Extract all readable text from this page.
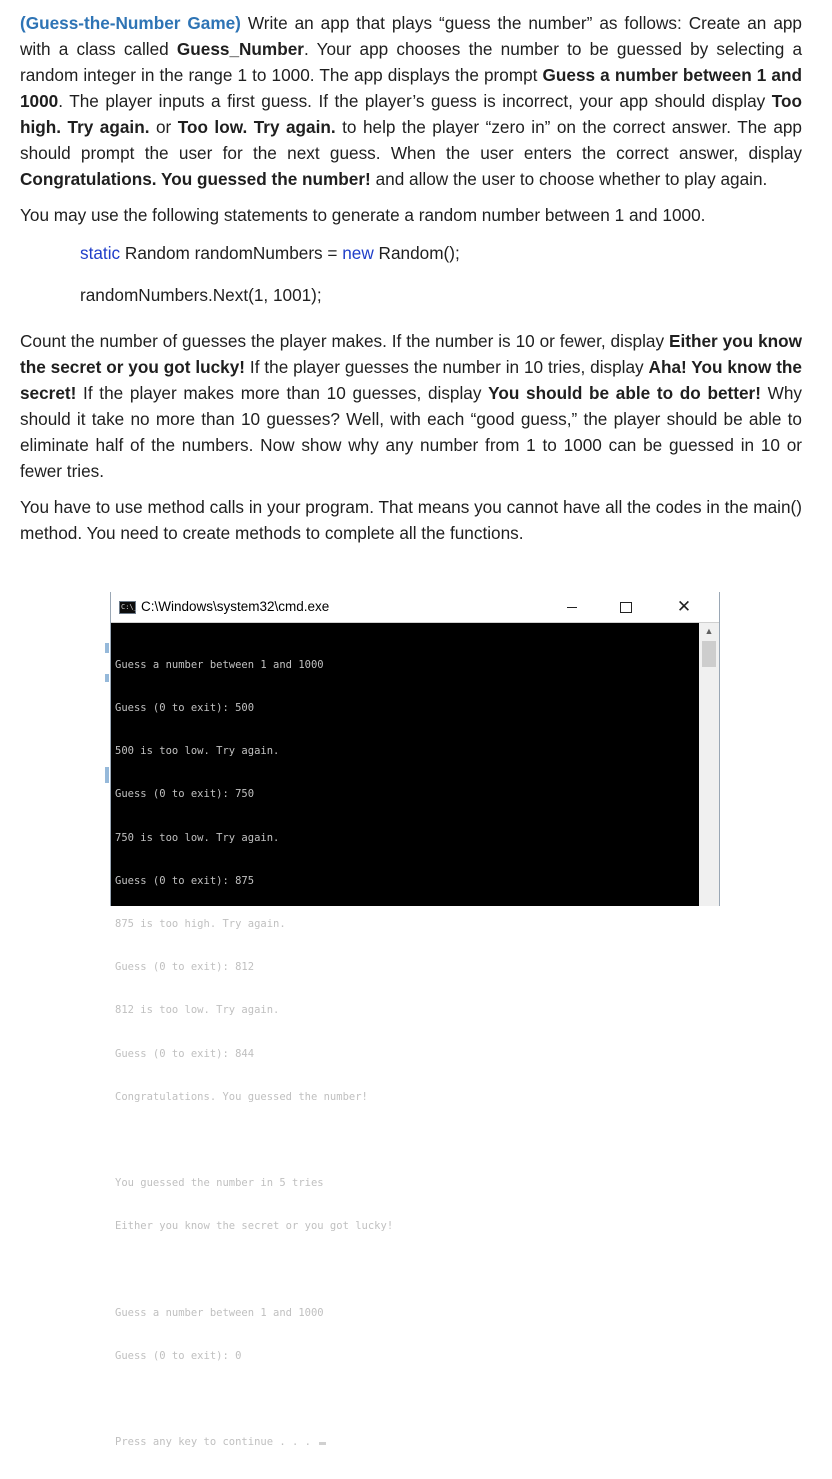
(Guess-the-Number Game) Write an app that plays “guess the number” as follows: Create an app with a class called Guess_Number. Your app chooses the number to be guessed by selecting a random integer in the range 1 to 1000. The app displays the prompt Guess a number between 1 and 1000. The player inputs a first guess. If the player’s guess is incorrect, your app should display Too high. Try again. or Too low. Try again. to help the player “zero in” on the correct answer. The app should prompt the user for the next guess. When the user enters the correct answer, display Congratulations. You guessed the number! and allow the user to choose whether to play again.

You may use the following statements to generate a random number between 1 and 1000.

static Random randomNumbers = new Random();
randomNumbers.Next(1, 1001);

Count the number of guesses the player makes. If the number is 10 or fewer, display Either you know the secret or you got lucky! If the player guesses the number in 10 tries, display Aha! You know the secret! If the player makes more than 10 guesses, display You should be able to do better! Why should it take no more than 10 guesses? Well, with each “good guess,” the player should be able to eliminate half of the numbers. Now show why any number from 1 to 1000 can be guessed in 10 or fewer tries.

You have to use method calls in your program. That means you cannot have all the codes in the main() method. You need to create methods to complete all the functions.

C:\_ C:\Windows\system32\cmd.exe	✕

Guess a number between 1 and 1000

Guess (0 to exit): 500

500 is too low. Try again.

Guess (0 to exit): 750

750 is too low. Try again.

Guess (0 to exit): 875

875 is too high. Try again.

Guess (0 to exit): 812

812 is too low. Try again.

Guess (0 to exit): 844

Congratulations. You guessed the number!

You guessed the number in 5 tries

Either you know the secret or you got lucky!

Guess a number between 1 and 1000

Guess (0 to exit): 0

Press any key to continue . . .

▲
